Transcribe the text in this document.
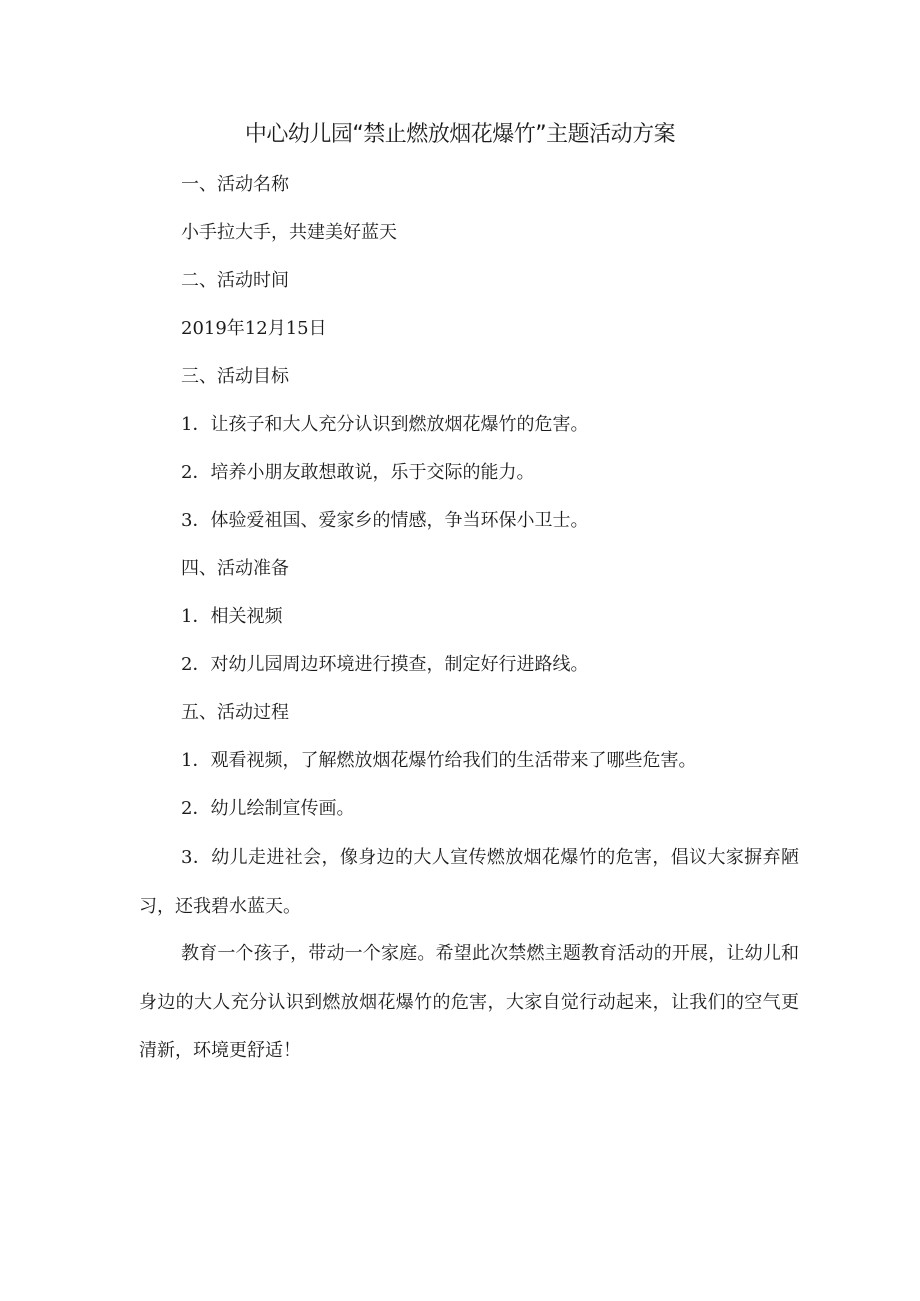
中心幼儿园“禁止燃放烟花爆竹”主题活动方案

一、活动名称

小手拉大手，共建美好蓝天

二、活动时间

2019年12月15日

三、活动目标

1．让孩子和大人充分认识到燃放烟花爆竹的危害。

2．培养小朋友敢想敢说，乐于交际的能力。

3．体验爱祖国、爱家乡的情感，争当环保小卫士。

四、活动准备

1．相关视频

2．对幼儿园周边环境进行摸查，制定好行进路线。

五、活动过程

1．观看视频，了解燃放烟花爆竹给我们的生活带来了哪些危害。

2．幼儿绘制宣传画。

3．幼儿走进社会，像身边的大人宣传燃放烟花爆竹的危害，倡议大家摒弃陋习，还我碧水蓝天。

教育一个孩子，带动一个家庭。希望此次禁燃主题教育活动的开展，让幼儿和身边的大人充分认识到燃放烟花爆竹的危害，大家自觉行动起来，让我们的空气更清新，环境更舒适！
